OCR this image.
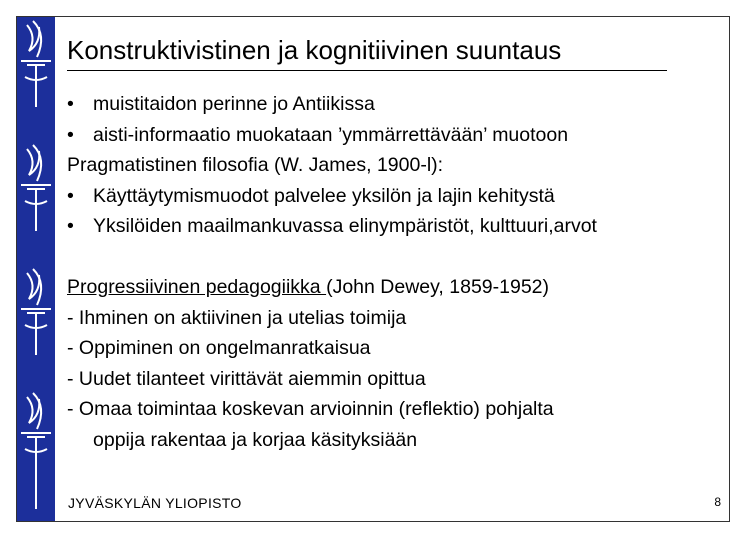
Konstruktivistinen ja kognitiivinen suuntaus
• muistitaidon perinne jo Antiikissa
• aisti-informaatio muokataan ’ymmärrettävään’ muotoon
Pragmatistinen filosofia (W. James, 1900-l):
• Käyttäytymismuodot palvelee yksilön ja lajin kehitystä
• Yksilöiden maailmankuvassa elinympäristöt, kulttuuri,arvot
Progressiivinen pedagogiikka (John Dewey, 1859-1952)
- Ihminen on aktiivinen ja utelias toimija
- Oppiminen on ongelmanratkaisua
- Uudet tilanteet virittävät aiemmin opittua
- Omaa toimintaa koskevan arvioinnin (reflektio) pohjalta
oppija rakentaa ja korjaa käsityksiään
JYVÄSKYLÄN YLIOPISTO	8
